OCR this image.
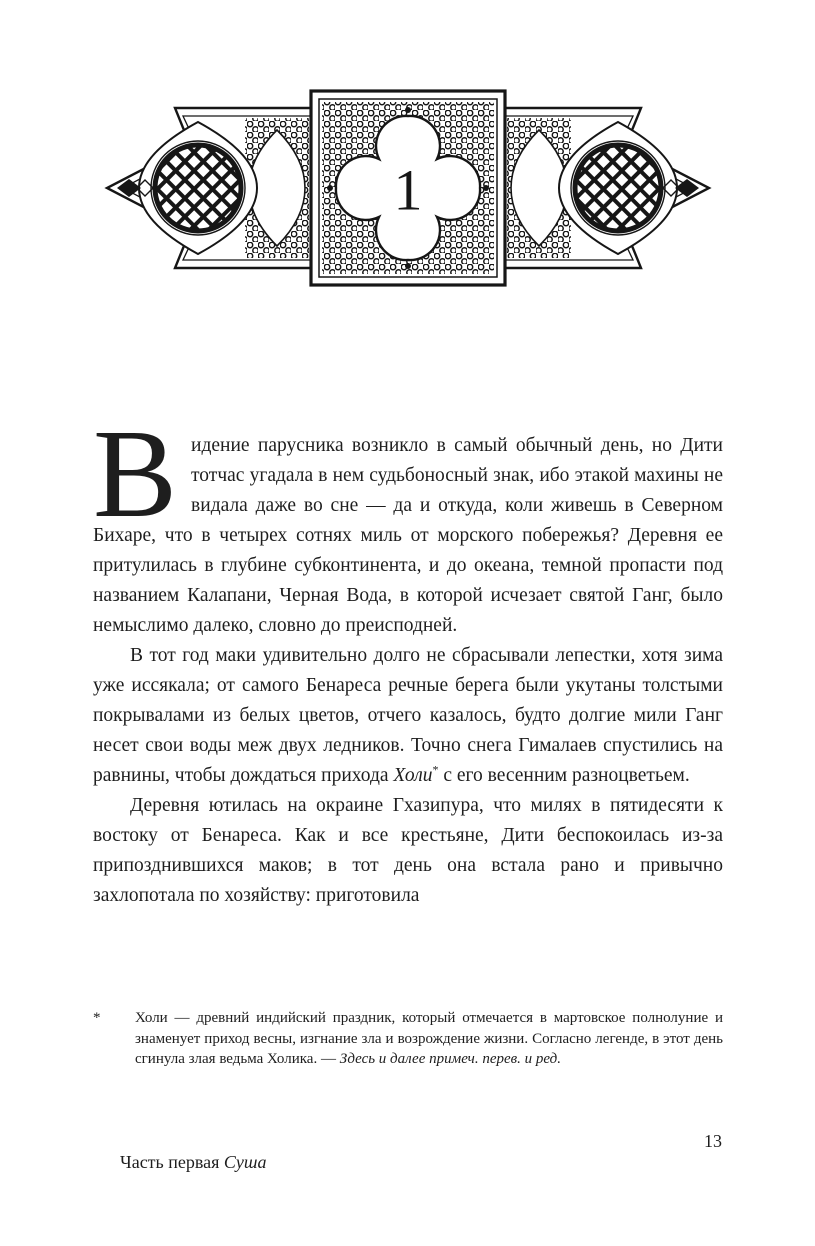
1

Видение парусника возникло в самый обычный день, но Дити тотчас угадала в нем судьбоносный знак, ибо этакой махины не видала даже во сне — да и откуда, коли живешь в Северном Бихаре, что в четырех сотнях миль от морского побережья? Деревня ее притулилась в глубине субконтинента, и до океана, темной пропасти под названием Калапани, Черная Вода, в которой исчезает святой Ганг, было немыслимо далеко, словно до преисподней.

В тот год маки удивительно долго не сбрасывали лепестки, хотя зима уже иссякала; от самого Бенареса речные берега были укутаны толстыми покрывалами из белых цветов, отчего казалось, будто долгие мили Ганг несет свои воды меж двух ледников. Точно снега Гималаев спустились на равнины, чтобы дождаться прихода Холи* с его весенним разноцветьем.

Деревня ютилась на окраине Гхазипура, что милях в пятидесяти к востоку от Бенареса. Как и все крестьяне, Дити беспокоилась из-за припозднившихся маков; в тот день она встала рано и привычно захлопотала по хозяйству: приготовила

*	Холи — древний индийский праздник, который отмечается в мартовское полнолуние и знаменует приход весны, изгнание зла и возрождение жизни. Согласно легенде, в этот день сгинула злая ведьма Холика. — Здесь и далее примеч. перев. и ред.

Часть первая Суша

13
